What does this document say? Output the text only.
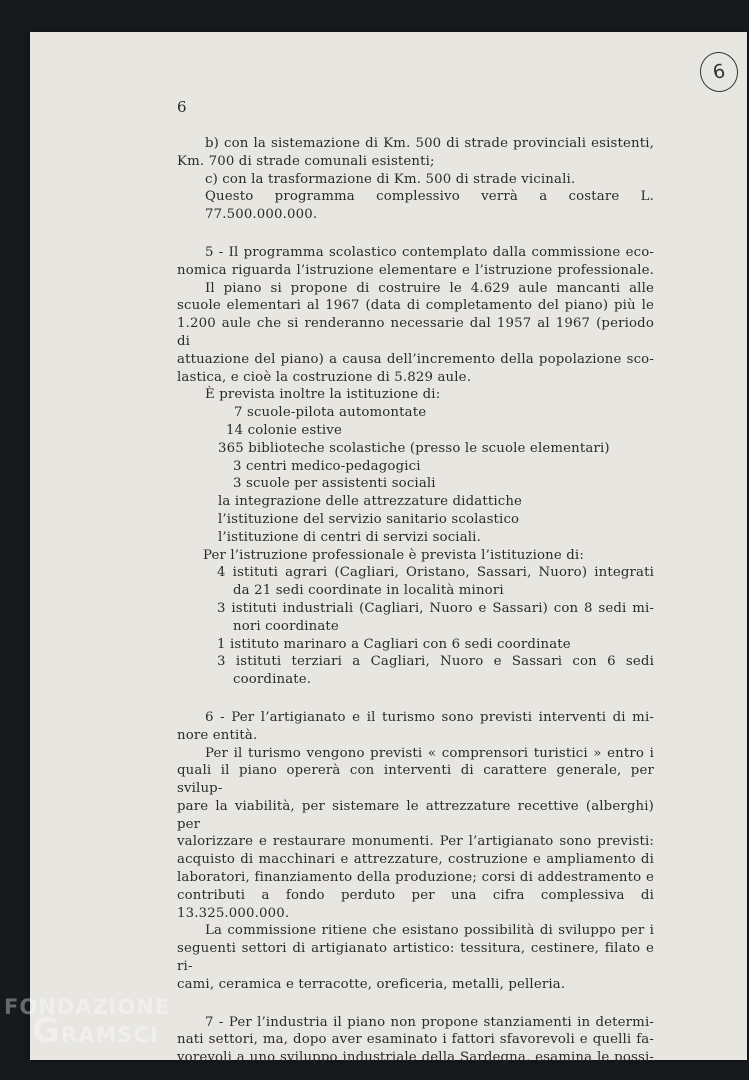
6
6
b) con la sistemazione di Km. 500 di strade provinciali esistenti,
Km. 700 di strade comunali esistenti;
c) con la trasformazione di Km. 500 di strade vicinali.
Questo programma complessivo verrà a costare L. 77.500.000.000.
5 - Il programma scolastico contemplato dalla commissione eco-
nomica riguarda l’istruzione elementare e l’istruzione professionale.
Il piano si propone di costruire le 4.629 aule mancanti alle
scuole elementari al 1967 (data di completamento del piano) più le
1.200 aule che si renderanno necessarie dal 1957 al 1967 (periodo di
attuazione del piano) a causa dell’incremento della popolazione sco-
lastica, e cioè la costruzione di 5.829 aule.
È prevista inoltre la istituzione di:
7 scuole-pilota automontate
14 colonie estive
365 biblioteche scolastiche (presso le scuole elementari)
3 centri medico-pedagogici
3 scuole per assistenti sociali
la integrazione delle attrezzature didattiche
l’istituzione del servizio sanitario scolastico
l’istituzione di centri di servizi sociali.
Per l’istruzione professionale è prevista l’istituzione di:
4 istituti agrari (Cagliari, Oristano, Sassari, Nuoro) integrati
da 21 sedi coordinate in località minori
3 istituti industriali (Cagliari, Nuoro e Sassari) con 8 sedi mi-
nori coordinate
1 istituto marinaro a Cagliari con 6 sedi coordinate
3 istituti terziari a Cagliari, Nuoro e Sassari con 6 sedi
coordinate.
6 - Per l’artigianato e il turismo sono previsti interventi di mi-
nore entità.
Per il turismo vengono previsti « comprensori turistici » entro i
quali il piano opererà con interventi di carattere generale, per svilup-
pare la viabilità, per sistemare le attrezzature recettive (alberghi) per
valorizzare e restaurare monumenti. Per l’artigianato sono previsti:
acquisto di macchinari e attrezzature, costruzione e ampliamento di
laboratori, finanziamento della produzione; corsi di addestramento e
contributi a fondo perduto per una cifra complessiva di 13.325.000.000.
La commissione ritiene che esistano possibilità di sviluppo per i
seguenti settori di artigianato artistico: tessitura, cestinere, filato e ri-
cami, ceramica e terracotte, oreficeria, metalli, pelleria.
7 - Per l’industria il piano non propone stanziamenti in determi-
nati settori, ma, dopo aver esaminato i fattori sfavorevoli e quelli fa-
vorevoli a uno sviluppo industriale della Sardegna, esamina le possi-
FONDAZIONE
GRAMSCI
